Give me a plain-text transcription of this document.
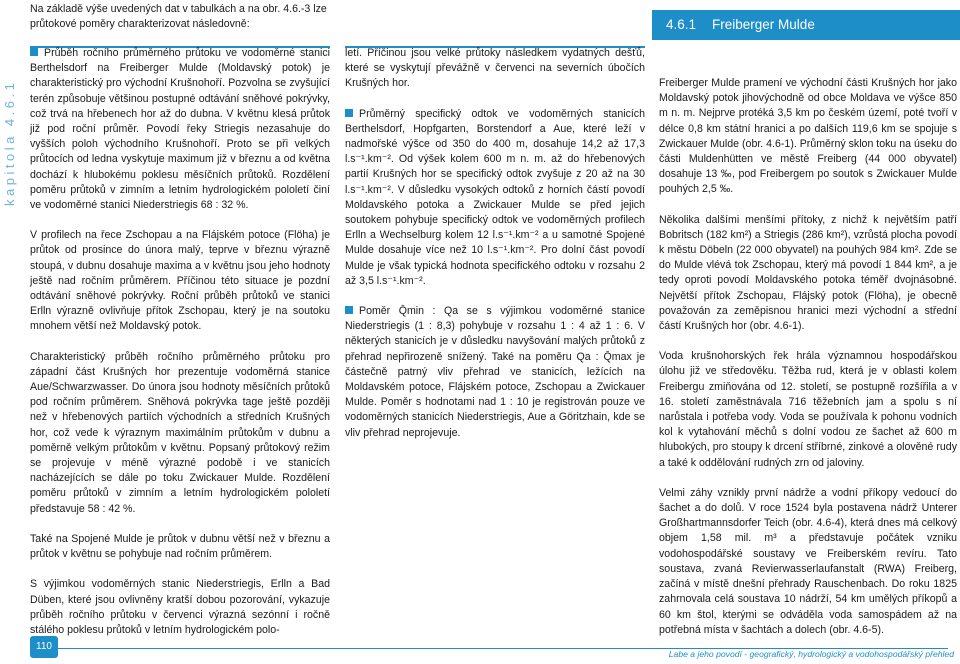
Na základě výše uvedených dat v tabulkách a na obr. 4.6.-3 lze průtokové poměry charakterizovat následovně:	4.6.1 Freiberger Mulde
kapitola 4.6.1

Průběh ročního průměrného průtoku ve vodoměrné stanici Berthelsdorf na Freiberger Mulde (Moldavský potok) je charakteristický pro východní Krušnohoří. Pozvolna se zvyšující terén způsobuje většinou postupné odtávání sněhové pokrývky, což trvá na hřebenech hor až do dubna. V květnu klesá průtok již pod roční průměr. Povodí řeky Striegis nezasahuje do vyšších poloh východního Krušnohoří. Proto se při velkých průtocích od ledna vyskytuje maximum již v březnu a od května dochází k hlubokému poklesu měsíčních průtoků. Rozdělení poměru průtoků v zimním a letním hydrologickém pololetí činí ve vodoměrné stanici Niederstriegis 68 : 32 %.

V profilech na řece Zschopau a na Flájském potoce (Flöha) je průtok od prosince do února malý, teprve v březnu výrazně stoupá, v dubnu dosahuje maxima a v květnu jsou jeho hodnoty ještě nad ročním průměrem. Příčinou této situace je pozdní odtávání sněhové pokrývky. Roční průběh průtoků ve stanici Erlln výrazně ovlivňuje přítok Zschopau, který je na soutoku mnohem větší než Moldavský potok.

Charakteristický průběh ročního průměrného průtoku pro západní část Krušných hor prezentuje vodoměrná stanice Aue/Schwarzwasser. Do února jsou hodnoty měsíčních průtoků pod ročním průměrem. Sněhová pokrývka tage ještě později než v hřebenových partiích východních a středních Krušných hor, což vede k výraznym maximálním průtokům v dubnu a poměrně velkým průtokům v květnu. Popsaný průtokový režim se projevuje v méně výrazné podobě i ve stanicích nacházejících se dále po toku Zwickauer Mulde. Rozdělení poměru průtoků v zimním a letním hydrologickém pololetí představuje 58 : 42 %.

Také na Spojené Mulde je průtok v dubnu větší než v březnu a průtok v květnu se pohybuje nad ročním průměrem.

S výjimkou vodoměrných stanic Niederstriegis, Erlln a Bad Düben, které jsou ovlivněny kratší dobou pozorování, vykazuje průběh ročního průtoku v červenci výrazná sezónní i ročně stálého poklesu průtoků v letním hydrologickém polo-

letí. Příčinou jsou velké průtoky následkem vydatných dešťů, které se vyskytují převážně v červenci na severních úbočích Krušných hor.

Průměrný specifický odtok ve vodoměrných stanicích Berthelsdorf, Hopfgarten, Borstendorf a Aue, které leží v nadmořské výšce od 350 do 400 m, dosahuje 14,2 až 17,3 l.s⁻¹.km⁻². Od výšek kolem 600 m n. m. až do hřebenových partií Krušných hor se specifický odtok zvyšuje z 20 až na 30 l.s⁻¹.km⁻². V důsledku vysokých odtoků z horních částí povodí Moldavského potoka a Zwickauer Mulde se před jejich soutokem pohybuje specifický odtok ve vodoměrných profilech Erlln a Wechselburg kolem 12 l.s⁻¹.km⁻² a u samotné Spojené Mulde dosahuje více než 10 l.s⁻¹.km⁻². Pro dolní část povodí Mulde je však typická hodnota specifického odtoku v rozsahu 2 až 3,5 l.s⁻¹.km⁻².

Poměr Q̄min : Qa se s výjimkou vodoměrné stanice Niederstriegis (1 : 8,3) pohybuje v rozsahu 1 : 4 až 1 : 6. V některých stanicích je v důsledku navyšování malých průtoků z přehrad nepřirozeně snížený. Také na poměru Qa : Q̄max je částečně patrný vliv přehrad ve stanicích, ležících na Moldavském potoce, Flájském potoce, Zschopau a Zwickauer Mulde. Poměr s hodnotami nad 1 : 10 je registrován pouze ve vodoměrných stanicích Niederstriegis, Aue a Göritzhain, kde se vliv přehrad neprojevuje.

Freiberger Mulde pramení ve východní části Krušných hor jako Moldavský potok jihovýchodně od obce Moldava ve výšce 850 m n. m. Nejprve protéká 3,5 km po českém území, poté tvoří v délce 0,8 km státní hranici a po dalších 119,6 km se spojuje s Zwickauer Mulde (obr. 4.6-1). Průměrný sklon toku na úseku do části Muldenhütten ve městě Freiberg (44 000 obyvatel) dosahuje 13 ‰, pod Freibergem po soutok s Zwickauer Mulde pouhých 2,5 ‰.

Několika dalšími menšími přítoky, z nichž k největším patří Bobritsch (182 km²) a Striegis (286 km²), vzrůstá plocha povodí k městu Döbeln (22 000 obyvatel) na pouhých 984 km². Zde se do Mulde vlévá tok Zschopau, který má povodí 1 844 km², a je tedy oproti povodí Moldavského potoka téměř dvojnásobné. Největší přítok Zschopau, Flájský potok (Flöha), je obecně považován za zeměpisnou hranici mezi východní a střední částí Krušných hor (obr. 4.6-1).

Voda krušnohorských řek hrála významnou hospodářskou úlohu již ve středověku. Těžba rud, která je v oblasti kolem Freibergu zmiňována od 12. století, se postupně rozšířila a v 16. století zaměstnávala 716 těžebních jam a spolu s ní narůstala i potřeba vody. Voda se používala k pohonu vodních kol k vytahování měchů s dolní vodou ze šachet až 600 m hlubokých, pro stoupy k drcení stříbrné, zinkové a olověné rudy a také k oddělování rudných zrn od jaloviny.

Velmi záhy vznikly první nádrže a vodní příkopy vedoucí do šachet a do dolů. V roce 1524 byla postavena nádrž Unterer Großhartmannsdorfer Teich (obr. 4.6-4), která dnes má celkový objem 1,58 mil. m³ a představuje počátek vzniku vodohospodářské soustavy ve Freiberském revíru. Tato soustava, zvaná Revierwasserlaufanstalt (RWA) Freiberg, začíná v místě dnešní přehrady Rauschenbach. Do roku 1825 zahrnovala celá soustava 10 nádrží, 54 km umělých příkopů a 60 km štol, kterými se odváděla voda samospádem až na potřebná místa v šachtách a dolech (obr. 4.6-5).

110
Labe a jeho povodí - geografický, hydrologický a vodohospodářský přehled
